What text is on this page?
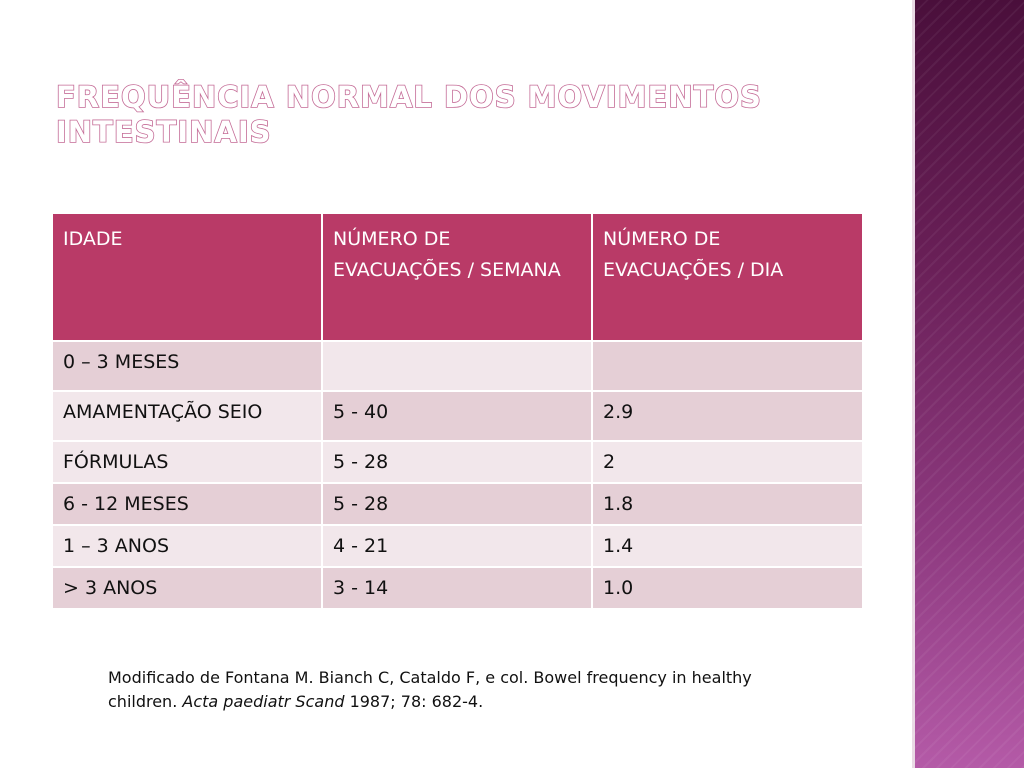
FREQUÊNCIA NORMAL DOS MOVIMENTOS INTESTINAIS
IDADE	NÚMERO DE EVACUAÇÕES / SEMANA	NÚMERO DE EVACUAÇÕES / DIA
0 – 3 MESES		
AMAMENTAÇÃO SEIO	5 - 40	2.9
FÓRMULAS	5 - 28	2
6 - 12 MESES	5 - 28	1.8
1 – 3 ANOS	4 - 21	1.4
> 3 ANOS	3 - 14	1.0

Modificado de Fontana M. Bianch C, Cataldo F, e col. Bowel frequency in healthy children. Acta paediatr Scand 1987; 78: 682-4.
